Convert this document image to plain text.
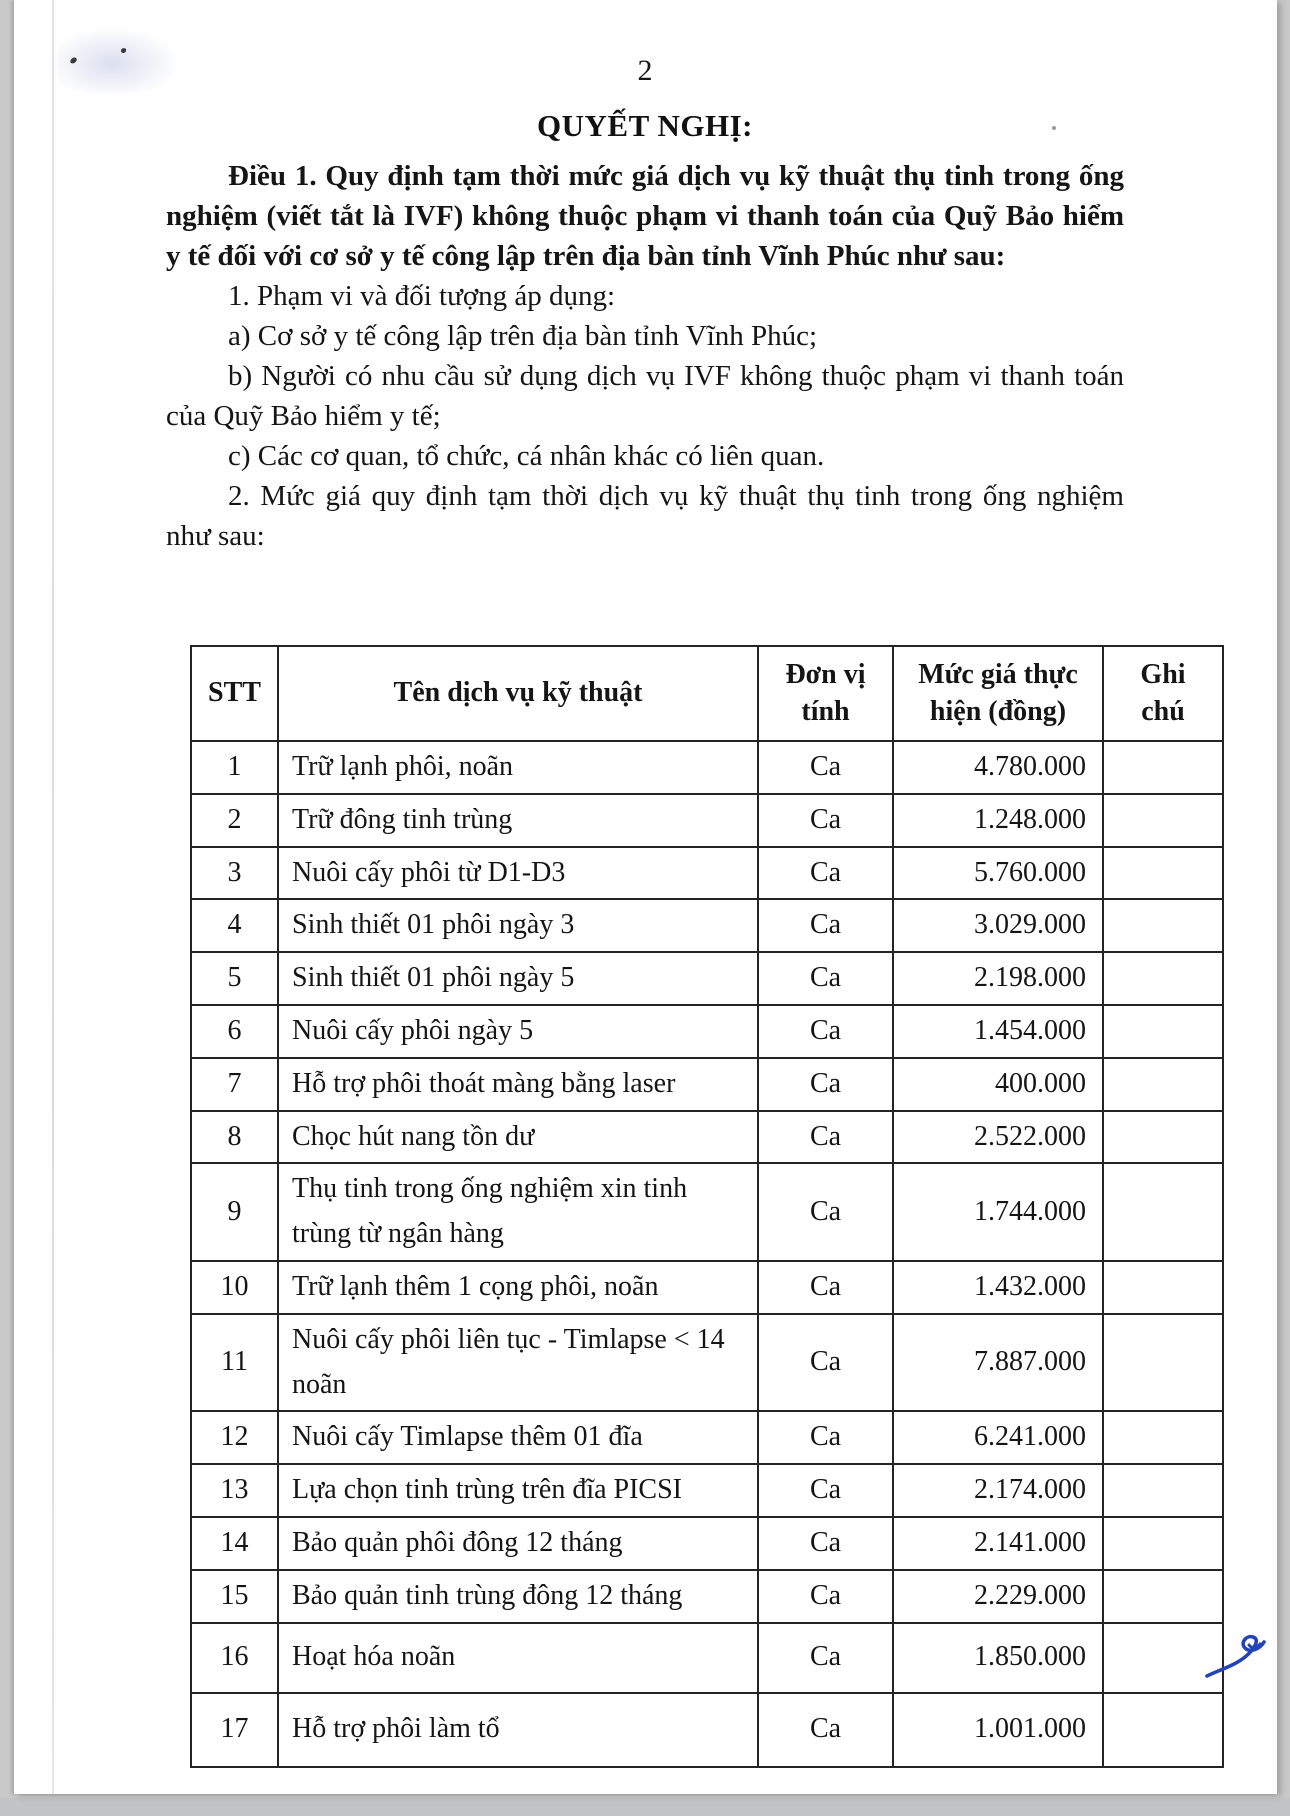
2
QUYẾT NGHỊ:

Điều 1. Quy định tạm thời mức giá dịch vụ kỹ thuật thụ tinh trong ống nghiệm (viết tắt là IVF) không thuộc phạm vi thanh toán của Quỹ Bảo hiểm y tế đối với cơ sở y tế công lập trên địa bàn tỉnh Vĩnh Phúc như sau:

1. Phạm vi và đối tượng áp dụng:

a) Cơ sở y tế công lập trên địa bàn tỉnh Vĩnh Phúc;

b) Người có nhu cầu sử dụng dịch vụ IVF không thuộc phạm vi thanh toán của Quỹ Bảo hiểm y tế;

c) Các cơ quan, tổ chức, cá nhân khác có liên quan.

2. Mức giá quy định tạm thời dịch vụ kỹ thuật thụ tinh trong ống nghiệm như sau:

STT	Tên dịch vụ kỹ thuật	Đơn vị tính	Mức giá thực hiện (đồng)	Ghi chú
1	Trữ lạnh phôi, noãn	Ca	4.780.000	
2	Trữ đông tinh trùng	Ca	1.248.000	
3	Nuôi cấy phôi từ D1-D3	Ca	5.760.000	
4	Sinh thiết 01 phôi ngày 3	Ca	3.029.000	
5	Sinh thiết 01 phôi ngày 5	Ca	2.198.000	
6	Nuôi cấy phôi ngày 5	Ca	1.454.000	
7	Hỗ trợ phôi thoát màng bằng laser	Ca	400.000	
8	Chọc hút nang tồn dư	Ca	2.522.000	
9	Thụ tinh trong ống nghiệm xin tinh trùng từ ngân hàng	Ca	1.744.000	
10	Trữ lạnh thêm 1 cọng phôi, noãn	Ca	1.432.000	
11	Nuôi cấy phôi liên tục - Timlapse < 14 noãn	Ca	7.887.000	
12	Nuôi cấy Timlapse thêm 01 đĩa	Ca	6.241.000	
13	Lựa chọn tinh trùng trên đĩa PICSI	Ca	2.174.000	
14	Bảo quản phôi đông 12 tháng	Ca	2.141.000	
15	Bảo quản tinh trùng đông 12 tháng	Ca	2.229.000	
16	Hoạt hóa noãn	Ca	1.850.000	
17	Hỗ trợ phôi làm tổ	Ca	1.001.000	
